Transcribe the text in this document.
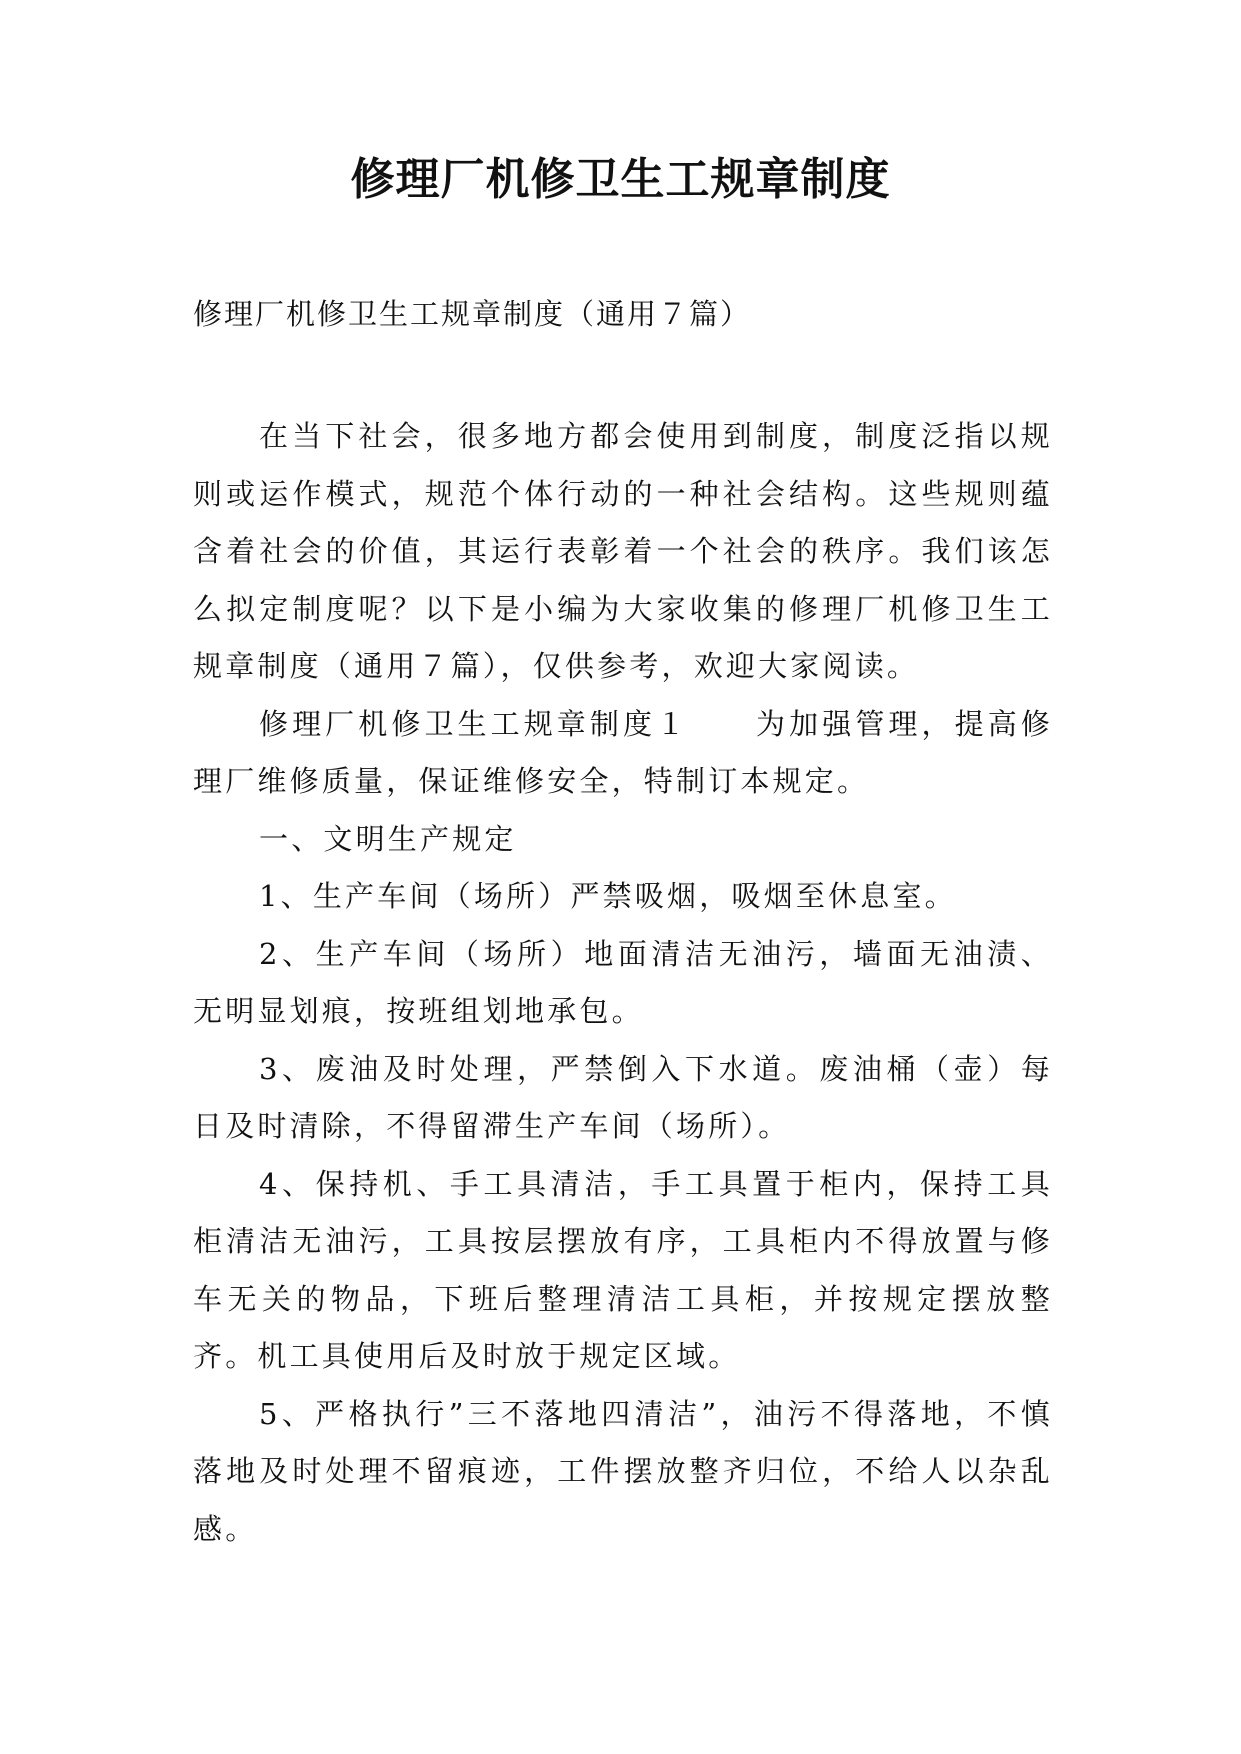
修理厂机修卫生工规章制度
修理厂机修卫生工规章制度（通用７篇）

在当下社会，很多地方都会使用到制度，制度泛指以规则或运作模式，规范个体行动的一种社会结构。这些规则蕴含着社会的价值，其运行表彰着一个社会的秩序。我们该怎么拟定制度呢？以下是小编为大家收集的修理厂机修卫生工规章制度（通用７篇），仅供参考，欢迎大家阅读。

修理厂机修卫生工规章制度１ 为加强管理，提高修理厂维修质量，保证维修安全，特制订本规定。

一、文明生产规定

1、生产车间（场所）严禁吸烟，吸烟至休息室。

2、生产车间（场所）地面清洁无油污，墙面无油渍、无明显划痕，按班组划地承包。

3、废油及时处理，严禁倒入下水道。废油桶（壶）每日及时清除，不得留滞生产车间（场所）。

4、保持机、手工具清洁，手工具置于柜内，保持工具柜清洁无油污，工具按层摆放有序，工具柜内不得放置与修车无关的物品，下班后整理清洁工具柜，并按规定摆放整齐。机工具使用后及时放于规定区域。

5、严格执行”三不落地四清洁”，油污不得落地，不慎落地及时处理不留痕迹，工件摆放整齐归位，不给人以杂乱感。
